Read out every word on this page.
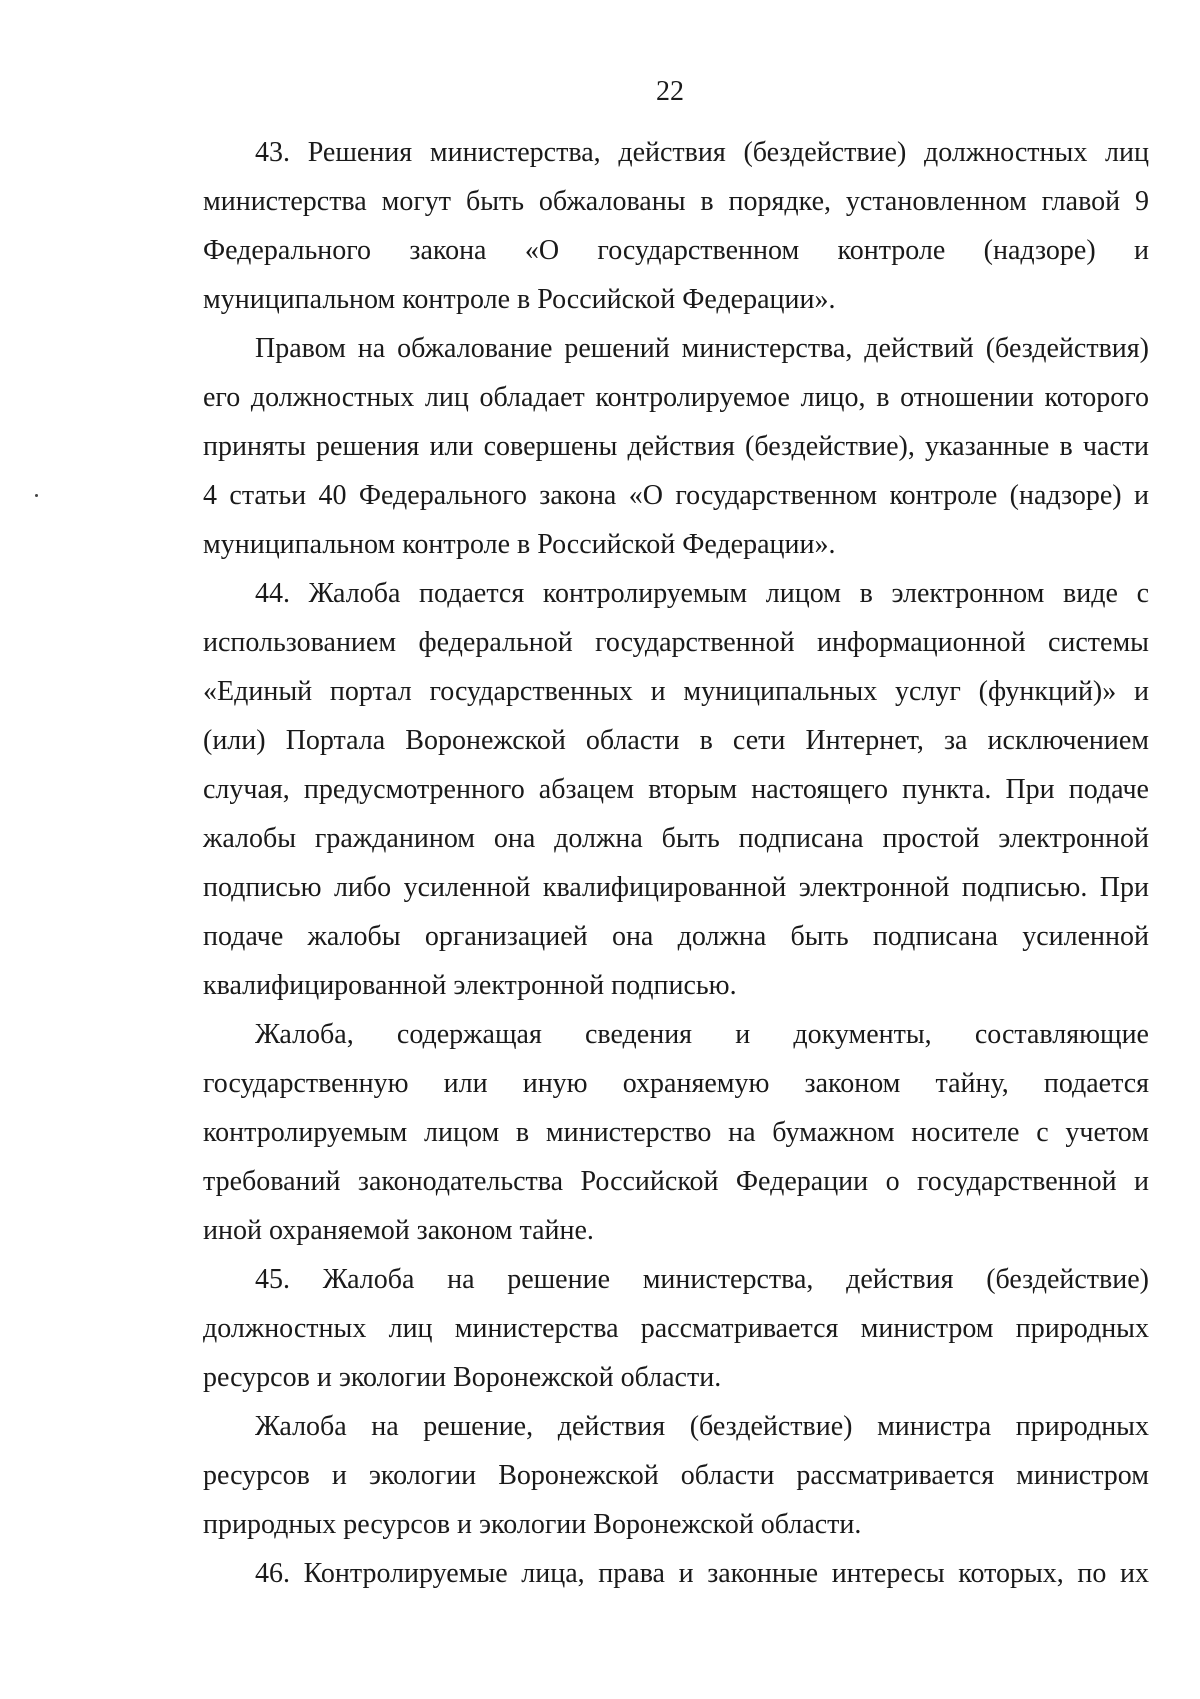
22
43. Решения министерства, действия (бездействие) должностных лиц
министерства могут быть обжалованы в порядке, установленном главой 9
Федерального закона «О государственном контроле (надзоре) и
муниципальном контроле в Российской Федерации».
Правом на обжалование решений министерства, действий (бездействия)
его должностных лиц обладает контролируемое лицо, в отношении которого
приняты решения или совершены действия (бездействие), указанные в части
4 статьи 40 Федерального закона «О государственном контроле (надзоре) и
муниципальном контроле в Российской Федерации».
44. Жалоба подается контролируемым лицом в электронном виде с
использованием федеральной государственной информационной системы
«Единый портал государственных и муниципальных услуг (функций)» и
(или) Портала Воронежской области в сети Интернет, за исключением
случая, предусмотренного абзацем вторым настоящего пункта. При подаче
жалобы гражданином она должна быть подписана простой электронной
подписью либо усиленной квалифицированной электронной подписью. При
подаче жалобы организацией она должна быть подписана усиленной
квалифицированной электронной подписью.
Жалоба, содержащая сведения и документы, составляющие
государственную или иную охраняемую законом тайну, подается
контролируемым лицом в министерство на бумажном носителе с учетом
требований законодательства Российской Федерации о государственной и
иной охраняемой законом тайне.
45. Жалоба на решение министерства, действия (бездействие)
должностных лиц министерства рассматривается министром природных
ресурсов и экологии Воронежской области.
Жалоба на решение, действия (бездействие) министра природных
ресурсов и экологии Воронежской области рассматривается министром
природных ресурсов и экологии Воронежской области.
46. Контролируемые лица, права и законные интересы которых, по их
